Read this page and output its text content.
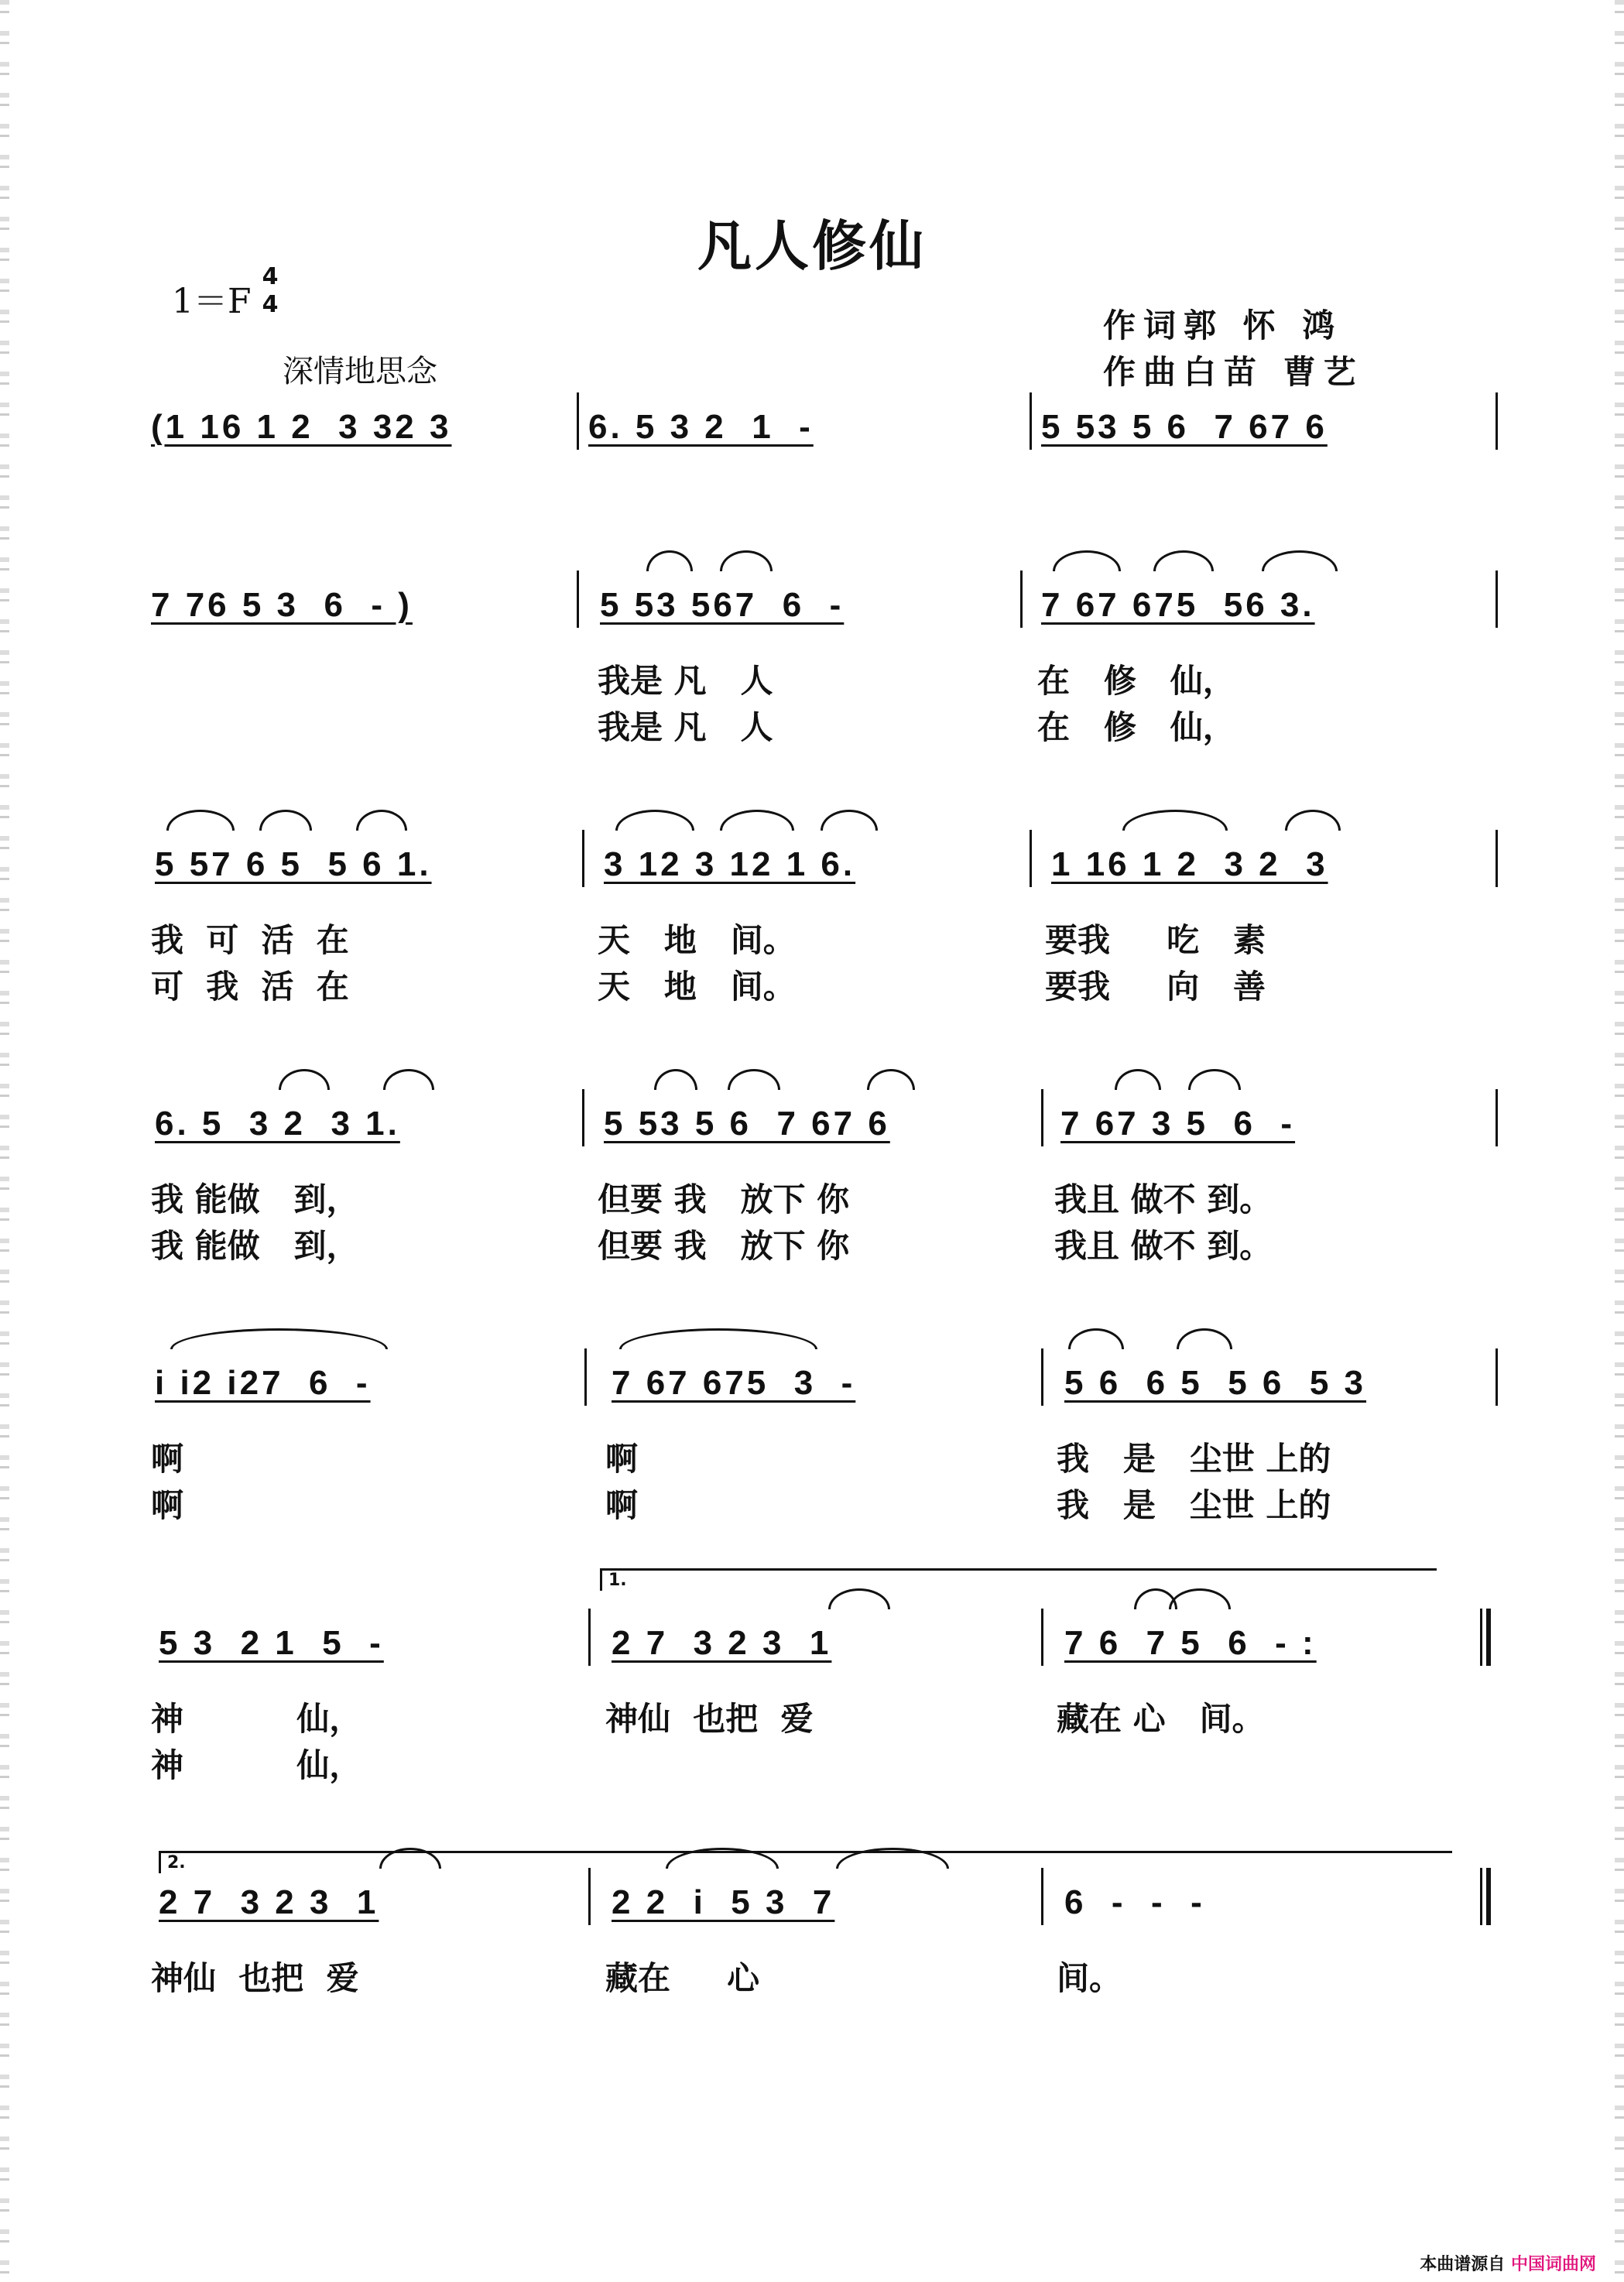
凡人修仙
1＝F
4
4
深情地思念
作词郭 怀 鸿
作曲白苗 曹艺
(1 16 1 2  3 32 3	6. 5 3 2  1  -	5 53 5 6  7 67 6
7 76 5 3  6  - )	5 53 567  6  -	7 67 675  56 3.
我是 凡   人	在   修   仙，
我是 凡   人	在   修   仙，
5 57 6 5  5 6 1.	3 12 3 12 1 6.	1 16 1 2  3 2  3
我  可  活  在	天   地   间。	要我     吃   素
可  我  活  在	天   地   间。	要我     向   善
6. 5  3 2  3 1.	5 53 5 6  7 67 6	7 67 3 5  6  -
我 能做   到，	但要 我   放下 你	我且 做不 到。
我 能做   到，	但要 我   放下 你	我且 做不 到。
i i2 i27  6  -	7 67 675  3  -	5 6  6 5  5 6  5 3
啊	啊	我   是   尘世 上的
啊	啊	我   是   尘世 上的
1.
5 3  2 1  5  -	2 7  3 2 3  1	7 6  7 5  6  - :
神          仙，	神仙  也把  爱	藏在 心   间。
神          仙，
2.
2 7  3 2 3  1	2 2  i  5 3  7	6  -  -  -
神仙  也把  爱	藏在     心	间。
本曲谱源自 中国词曲网
